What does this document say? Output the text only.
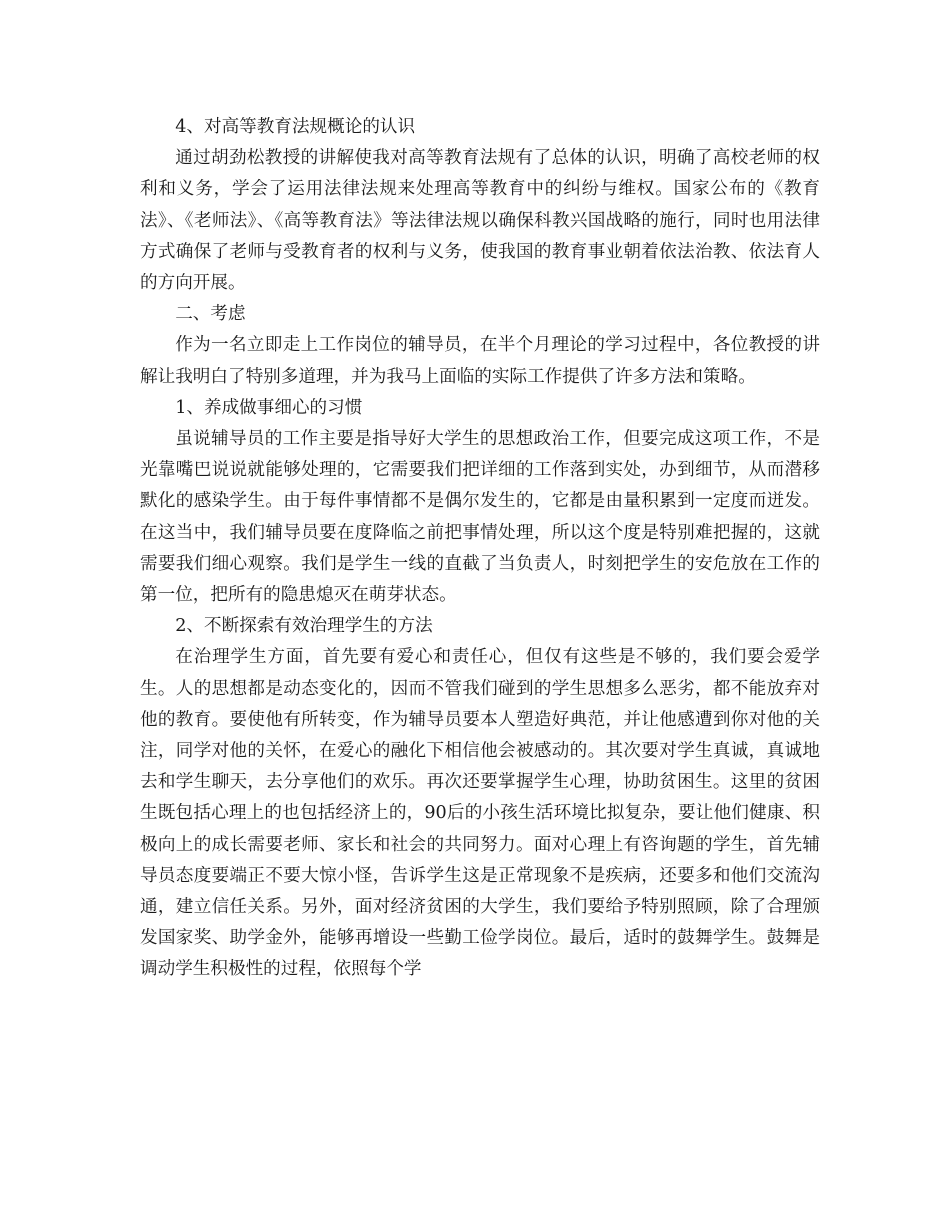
4、对高等教育法规概论的认识

通过胡劲松教授的讲解使我对高等教育法规有了总体的认识，明确了高校老师的权利和义务，学会了运用法律法规来处理高等教育中的纠纷与维权。国家公布的《教育法》、《老师法》、《高等教育法》等法律法规以确保科教兴国战略的施行，同时也用法律方式确保了老师与受教育者的权利与义务，使我国的教育事业朝着依法治教、依法育人的方向开展。

二、考虑

作为一名立即走上工作岗位的辅导员，在半个月理论的学习过程中，各位教授的讲解让我明白了特别多道理，并为我马上面临的实际工作提供了许多方法和策略。

1、养成做事细心的习惯

虽说辅导员的工作主要是指导好大学生的思想政治工作，但要完成这项工作，不是光靠嘴巴说说就能够处理的，它需要我们把详细的工作落到实处，办到细节，从而潜移默化的感染学生。由于每件事情都不是偶尔发生的，它都是由量积累到一定度而迸发。在这当中，我们辅导员要在度降临之前把事情处理，所以这个度是特别难把握的，这就需要我们细心观察。我们是学生一线的直截了当负责人，时刻把学生的安危放在工作的第一位，把所有的隐患熄灭在萌芽状态。

2、不断探索有效治理学生的方法

在治理学生方面，首先要有爱心和责任心，但仅有这些是不够的，我们要会爱学生。人的思想都是动态变化的，因而不管我们碰到的学生思想多么恶劣，都不能放弃对他的教育。要使他有所转变，作为辅导员要本人塑造好典范，并让他感遭到你对他的关注，同学对他的关怀，在爱心的融化下相信他会被感动的。其次要对学生真诚，真诚地去和学生聊天，去分享他们的欢乐。再次还要掌握学生心理，协助贫困生。这里的贫困生既包括心理上的也包括经济上的，90后的小孩生活环境比拟复杂，要让他们健康、积极向上的成长需要老师、家长和社会的共同努力。面对心理上有咨询题的学生，首先辅导员态度要端正不要大惊小怪，告诉学生这是正常现象不是疾病，还要多和他们交流沟通，建立信任关系。另外，面对经济贫困的大学生，我们要给予特别照顾，除了合理颁发国家奖、助学金外，能够再增设一些勤工俭学岗位。最后，适时的鼓舞学生。鼓舞是调动学生积极性的过程，依照每个学
